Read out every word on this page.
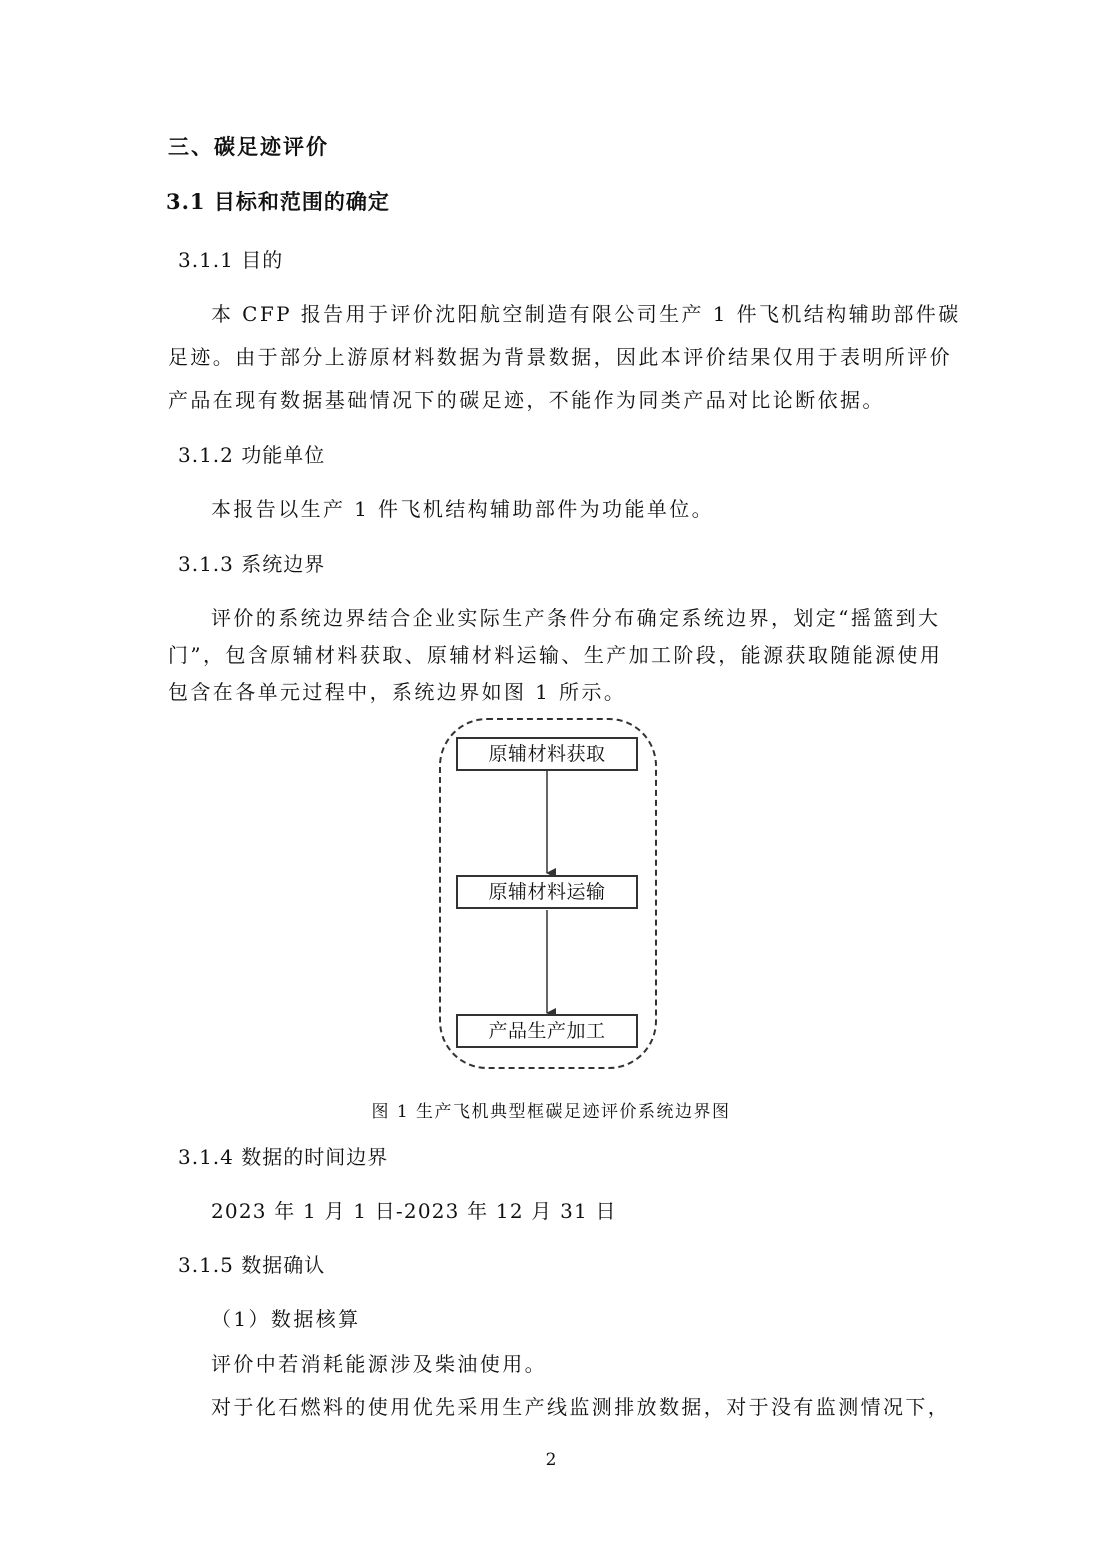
三、碳足迹评价
3.1 目标和范围的确定
3.1.1 目的
本 CFP 报告用于评价沈阳航空制造有限公司生产 1 件飞机结构辅助部件碳
足迹。由于部分上游原材料数据为背景数据，因此本评价结果仅用于表明所评价
产品在现有数据基础情况下的碳足迹，不能作为同类产品对比论断依据。
3.1.2 功能单位
本报告以生产 1 件飞机结构辅助部件为功能单位。
3.1.3 系统边界
评价的系统边界结合企业实际生产条件分布确定系统边界，划定“摇篮到大
门”，包含原辅材料获取、原辅材料运输、生产加工阶段，能源获取随能源使用
包含在各单元过程中，系统边界如图 1 所示。
原辅材料获取
原辅材料运输
产品生产加工
图 1 生产飞机典型框碳足迹评价系统边界图
3.1.4 数据的时间边界
2023 年 1 月 1 日-2023 年 12 月 31 日
3.1.5 数据确认
（1）数据核算
评价中若消耗能源涉及柴油使用。
对于化石燃料的使用优先采用生产线监测排放数据，对于没有监测情况下，
2
